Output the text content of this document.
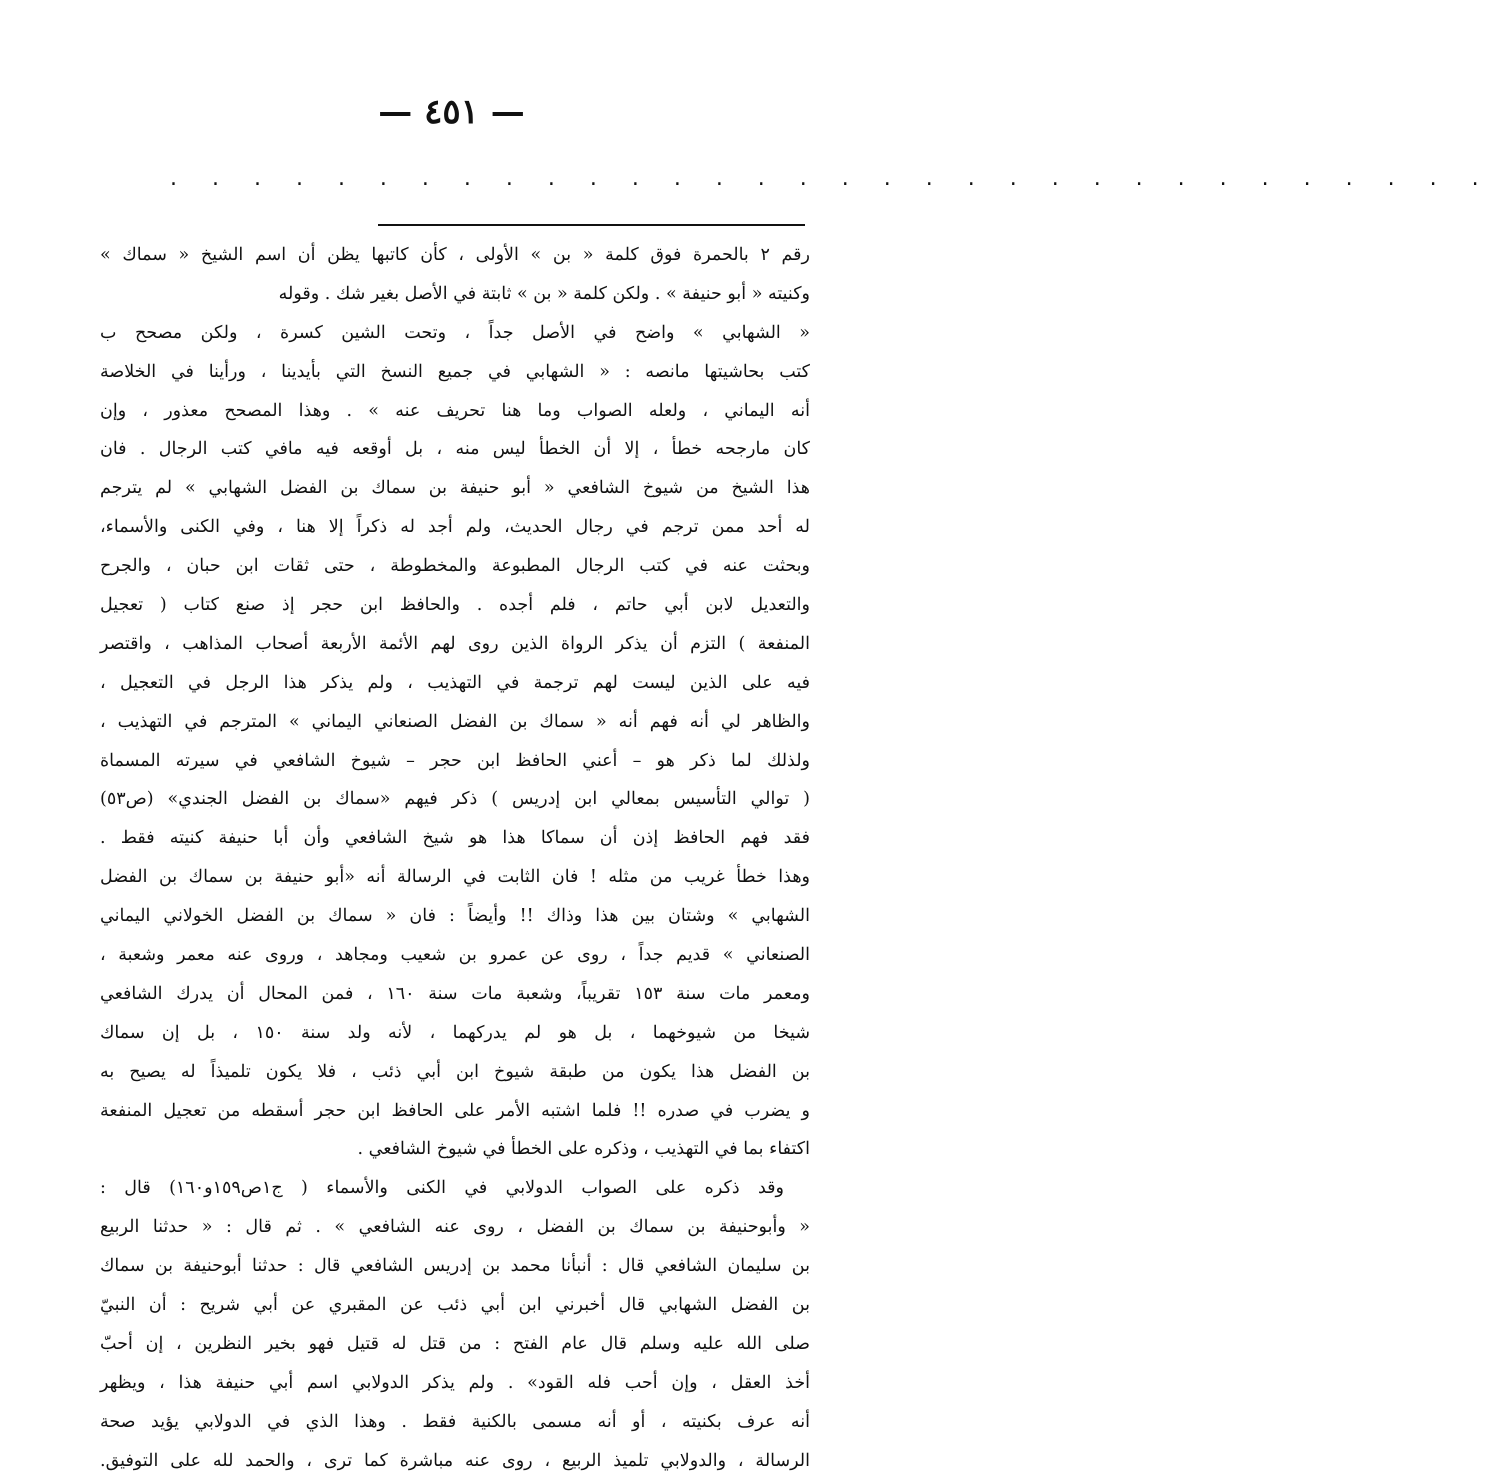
— ٤٥١ —
. . . . . . . . . . . . . . . . . . . . . . . . . . . . . . . .
رقم ٢ بالحمرة فوق كلمة « بن » الأولى ، كأن كاتبها يظن أن اسم الشيخ « سماك »
وكنيته « أبو حنيفة » . ولكن كلمة « بن » ثابتة في الأصل بغير شك . وقوله
« الشهابي » واضح في الأصل جداً ، وتحت الشين كسرة ، ولكن مصحح ب
كتب بحاشيتها مانصه : « الشهابي في جميع النسخ التي بأيدينا ، ورأينا في الخلاصة
أنه اليماني ، ولعله الصواب وما هنا تحريف عنه » . وهذا المصحح معذور ، وإن
كان مارجحه خطأ ، إلا أن الخطأ ليس منه ، بل أوقعه فيه مافي كتب الرجال . فان
هذا الشيخ من شيوخ الشافعي « أبو حنيفة بن سماك بن الفضل الشهابي » لم يترجم
له أحد ممن ترجم في رجال الحديث، ولم أجد له ذكراً إلا هنا ، وفي الكنى والأسماء،
وبحثت عنه في كتب الرجال المطبوعة والمخطوطة ، حتى ثقات ابن حبان ، والجرح
والتعديل لابن أبي حاتم ، فلم أجده . والحافظ ابن حجر إذ صنع كتاب ( تعجيل
المنفعة ) التزم أن يذكر الرواة الذين روى لهم الأئمة الأربعة أصحاب المذاهب ، واقتصر
فيه على الذين ليست لهم ترجمة في التهذيب ، ولم يذكر هذا الرجل في التعجيل ،
والظاهر لي أنه فهم أنه « سماك بن الفضل الصنعاني اليماني » المترجم في التهذيب ،
ولذلك لما ذكر هو – أعني الحافظ ابن حجر – شيوخ الشافعي في سيرته المسماة
( توالي التأسيس بمعالي ابن إدريس ) ذكر فيهم «سماك بن الفضل الجندي» (ص٥٣)
فقد فهم الحافظ إذن أن سماكا هذا هو شيخ الشافعي وأن أبا حنيفة كنيته فقط .
وهذا خطأ غريب من مثله ! فان الثابت في الرسالة أنه «أبو حنيفة بن سماك بن الفضل
الشهابي » وشتان بين هذا وذاك !! وأيضاً : فان « سماك بن الفضل الخولاني اليماني
الصنعاني » قديم جداً ، روى عن عمرو بن شعيب ومجاهد ، وروى عنه معمر وشعبة ،
ومعمر مات سنة ١٥٣ تقريباً، وشعبة مات سنة ١٦٠ ، فمن المحال أن يدرك الشافعي
شيخا من شيوخهما ، بل هو لم يدركهما ، لأنه ولد سنة ١٥٠ ، بل إن سماك
بن الفضل هذا يكون من طبقة شيوخ ابن أبي ذئب ، فلا يكون تلميذاً له يصيح به
و يضرب في صدره !! فلما اشتبه الأمر على الحافظ ابن حجر أسقطه من تعجيل المنفعة
اكتفاء بما في التهذيب ، وذكره على الخطأ في شيوخ الشافعي .
وقد ذكره على الصواب الدولابي في الكنى والأسماء ( ج١ص١٥٩و١٦٠) قال :
« وأبوحنيفة بن سماك بن الفضل ، روى عنه الشافعي » . ثم قال : « حدثنا الربيع
بن سليمان الشافعي قال : أنبأنا محمد بن إدريس الشافعي قال : حدثنا أبوحنيفة بن سماك
بن الفضل الشهابي قال أخبرني ابن أبي ذئب عن المقبري عن أبي شريح : أن النبيّ
صلى الله عليه وسلم قال عام الفتح : من قتل له قتيل فهو بخير النظرين ، إن أحبّ
أخذ العقل ، وإن أحب فله القود» . ولم يذكر الدولابي اسم أبي حنيفة هذا ، ويظهر
أنه عرف بكنيته ، أو أنه مسمى بالكنية فقط . وهذا الذي في الدولابي يؤيد صحة
الرسالة ، والدولابي تلميذ الربيع ، روى عنه مباشرة كما ترى ، والحمد لله على التوفيق.
